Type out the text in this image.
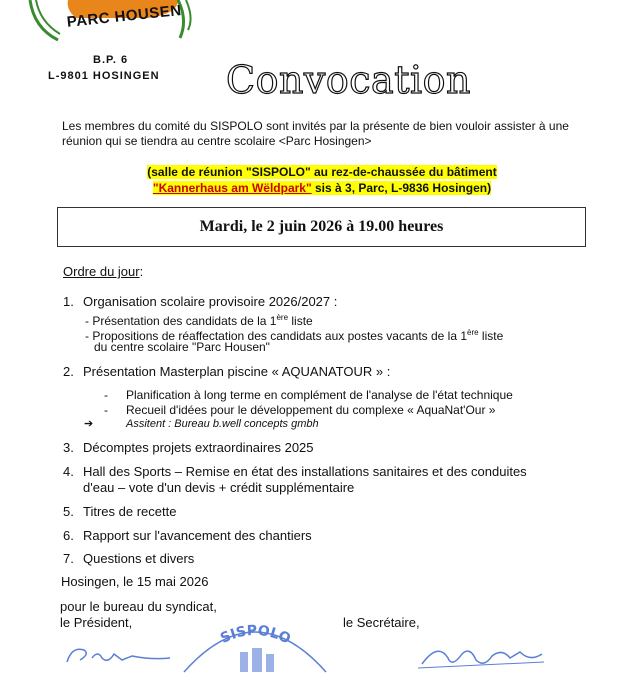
PARC HOUSEN
B.P. 6
L-9801 HOSINGEN Convocation
Les membres du comité du SISPOLO sont invités par la présente de bien vouloir assister à une réunion qui se tiendra au centre scolaire <Parc Hosingen>
(salle de réunion "SISPOLO" au rez-de-chaussée du bâtiment
"Kannerhaus am Wëldpark" sis à 3, Parc, L-9836 Hosingen)
Mardi, le 2 juin 2026 à 19.00 heures
Ordre du jour:
1. Organisation scolaire provisoire 2026/2027 :
- Présentation des candidats de la 1ère liste
- Propositions de réaffectation des candidats aux postes vacants de la 1ère liste
du centre scolaire "Parc Housen"
2. Présentation Masterplan piscine « AQUANATOUR » :
- Planification à long terme en complément de l'analyse de l'état technique
- Recueil d'idées pour le développement du complexe « AquaNat'Our »
➔	Assitent : Bureau b.well concepts gmbh
3. Décomptes projets extraordinaires 2025
4. Hall des Sports – Remise en état des installations sanitaires et des conduites
d'eau – vote d'un devis + crédit supplémentaire
5. Titres de recette
6. Rapport sur l'avancement des chantiers
7. Questions et divers
Hosingen, le 15 mai 2026
pour le bureau du syndicat,
le Président,	le Secrétaire,
SISPOLO
